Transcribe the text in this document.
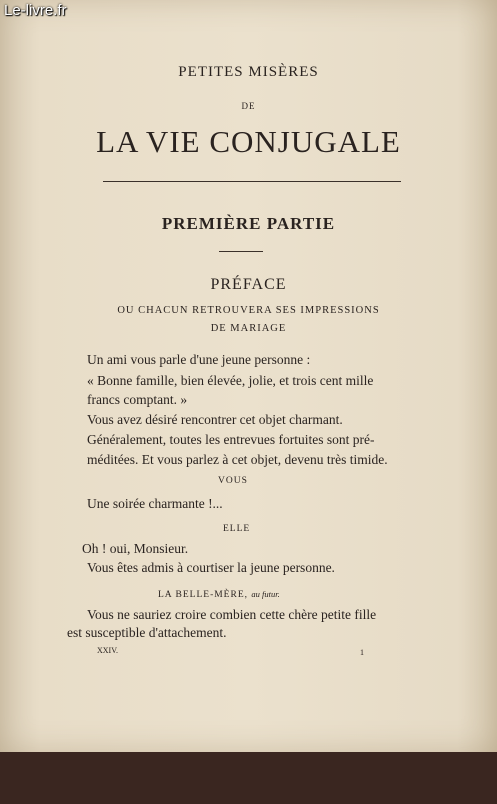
Le-livre.fr
PETITES MISÈRES
DE
LA VIE CONJUGALE
PREMIÈRE PARTIE
PRÉFACE
OU CHACUN RETROUVERA SES IMPRESSIONS
DE MARIAGE
Un ami vous parle d'une jeune personne :
« Bonne famille, bien élevée, jolie, et trois cent mille
francs comptant. »
Vous avez désiré rencontrer cet objet charmant.
Généralement, toutes les entrevues fortuites sont pré-
méditées. Et vous parlez à cet objet, devenu très timide.
VOUS
Une soirée charmante !...
ELLE
Oh ! oui, Monsieur.
Vous êtes admis à courtiser la jeune personne.
LA BELLE-MÈRE, au futur.
Vous ne sauriez croire combien cette chère petite fille
est susceptible d'attachement.
XXIV.	1
